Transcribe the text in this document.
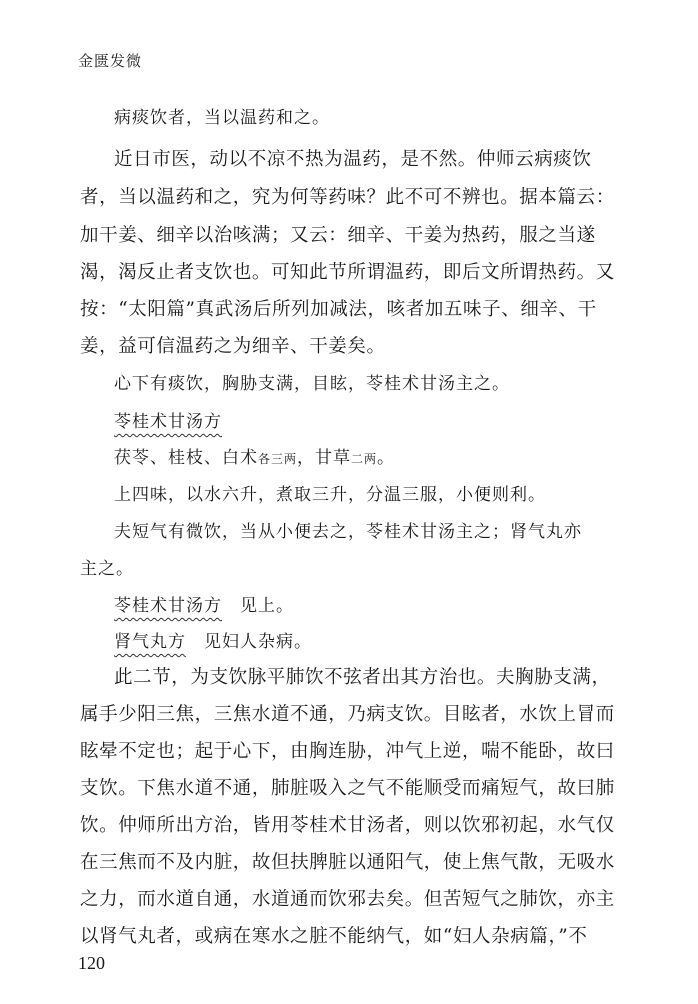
金匮发微

病痰饮者，当以温药和之。

近日市医，动以不凉不热为温药，是不然。仲师云病痰饮

者，当以温药和之，究为何等药味？此不可不辨也。据本篇云：

加干姜、细辛以治咳满；又云：细辛、干姜为热药，服之当遂

渴，渴反止者支饮也。可知此节所谓温药，即后文所谓热药。又

按：“太阳篇”真武汤后所列加减法，咳者加五味子、细辛、干

姜，益可信温药之为细辛、干姜矣。

心下有痰饮，胸胁支满，目眩，苓桂术甘汤主之。

苓桂术甘汤方

茯苓、桂枝、白术各三两，甘草二两。

上四味，以水六升，煮取三升，分温三服，小便则利。

夫短气有微饮，当从小便去之，苓桂术甘汤主之；肾气丸亦

主之。

苓桂术甘汤方　见上。

肾气丸方　见妇人杂病。

此二节，为支饮脉平肺饮不弦者出其方治也。夫胸胁支满，

属手少阳三焦，三焦水道不通，乃病支饮。目眩者，水饮上冒而

眩晕不定也；起于心下，由胸连胁，冲气上逆，喘不能卧，故曰

支饮。下焦水道不通，肺脏吸入之气不能顺受而痛短气，故曰肺

饮。仲师所出方治，皆用苓桂术甘汤者，则以饮邪初起，水气仅

在三焦而不及内脏，故但扶脾脏以通阳气，使上焦气散，无吸水

之力，而水道自通，水道通而饮邪去矣。但苦短气之肺饮，亦主

以肾气丸者，或病在寒水之脏不能纳气，如“妇人杂病篇，”不

120
